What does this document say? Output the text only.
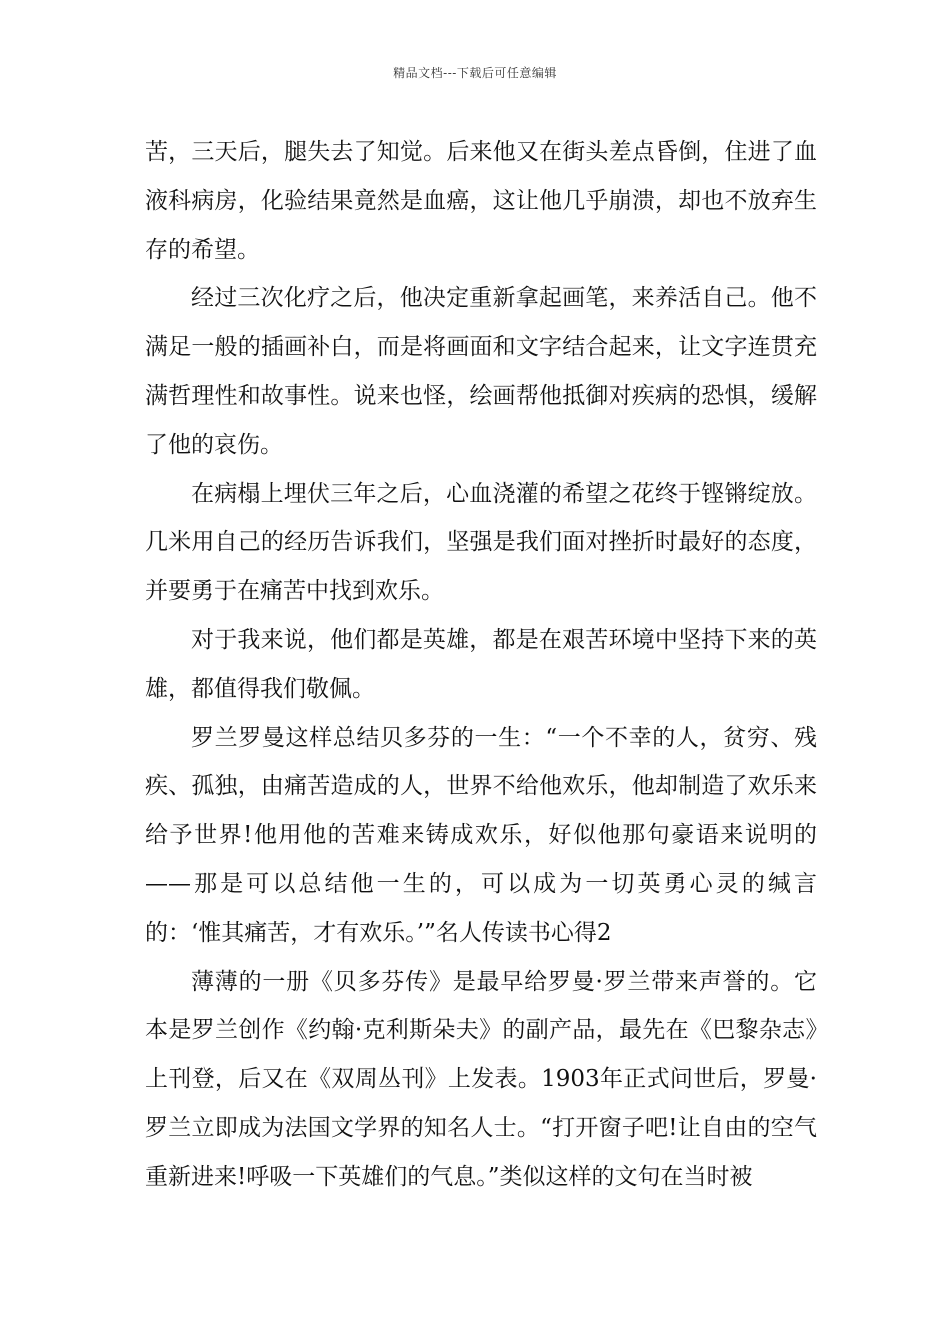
精品文档---下载后可任意编辑

苦，三天后，腿失去了知觉。后来他又在街头差点昏倒，住进了血液科病房，化验结果竟然是血癌，这让他几乎崩溃，却也不放弃生存的希望。

经过三次化疗之后，他决定重新拿起画笔，来养活自己。他不满足一般的插画补白，而是将画面和文字结合起来，让文字连贯充满哲理性和故事性。说来也怪，绘画帮他抵御对疾病的恐惧，缓解了他的哀伤。

在病榻上埋伏三年之后，心血浇灌的希望之花终于铿锵绽放。几米用自己的经历告诉我们，坚强是我们面对挫折时最好的态度，并要勇于在痛苦中找到欢乐。

对于我来说，他们都是英雄，都是在艰苦环境中坚持下来的英雄，都值得我们敬佩。

罗兰罗曼这样总结贝多芬的一生：“一个不幸的人，贫穷、残疾、孤独，由痛苦造成的人，世界不给他欢乐，他却制造了欢乐来给予世界!他用他的苦难来铸成欢乐，好似他那句豪语来说明的——那是可以总结他一生的，可以成为一切英勇心灵的缄言的：‘惟其痛苦，才有欢乐。’”名人传读书心得2

薄薄的一册《贝多芬传》是最早给罗曼·罗兰带来声誉的。它本是罗兰创作《约翰·克利斯朵夫》的副产品，最先在《巴黎杂志》上刊登，后又在《双周丛刊》上发表。1903年正式问世后，罗曼·罗兰立即成为法国文学界的知名人士。“打开窗子吧!让自由的空气重新进来!呼吸一下英雄们的气息。”类似这样的文句在当时被
